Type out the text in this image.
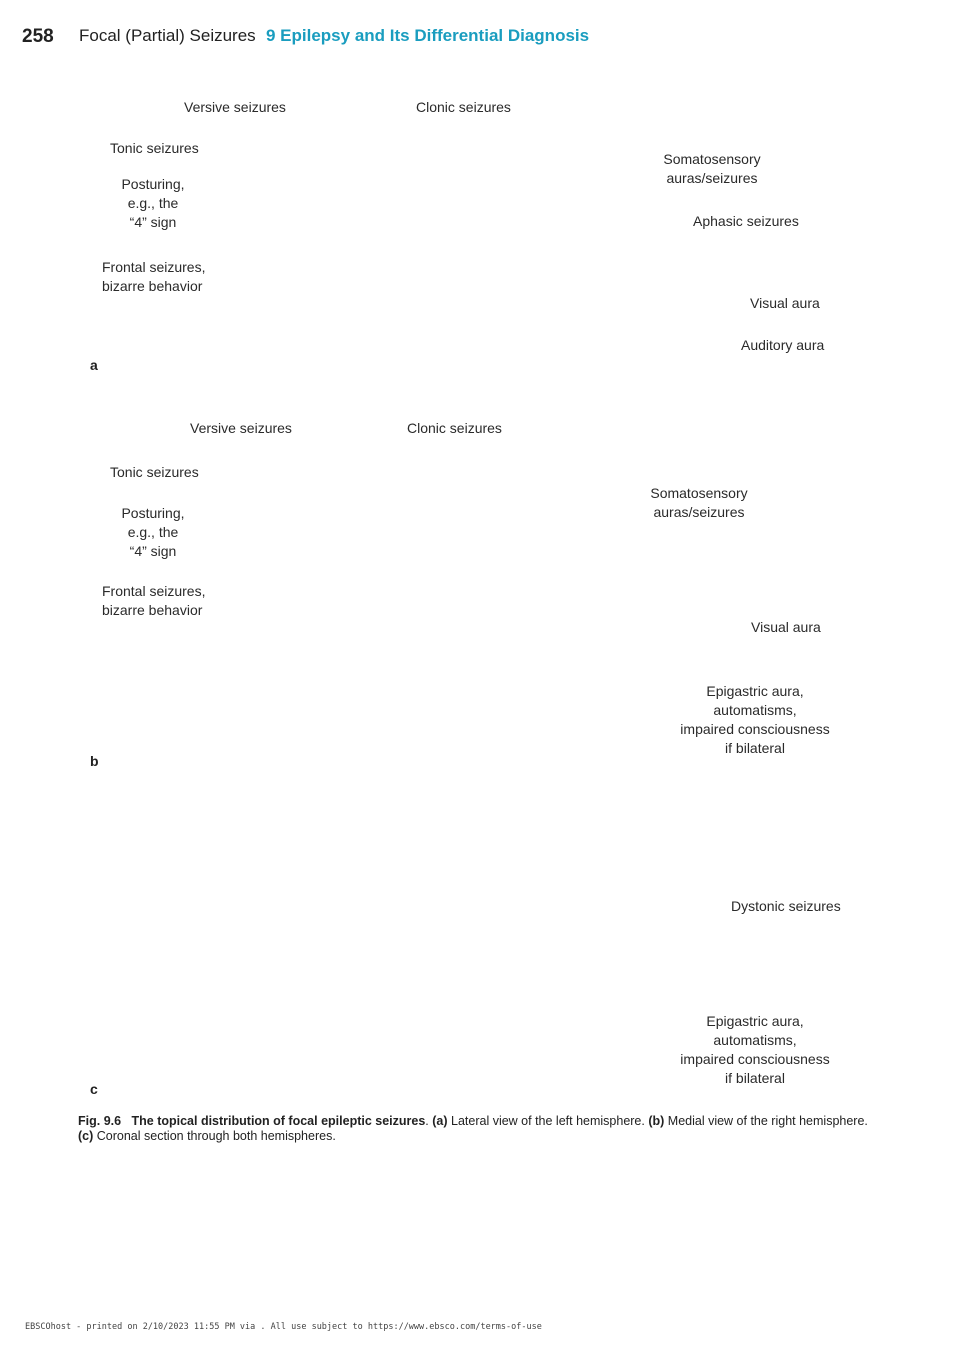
258 Focal (Partial) Seizures 9 Epilepsy and Its Differential Diagnosis
Versive seizures	Clonic seizures
Tonic seizures
Posturing,
e.g., the
“4” sign
Frontal seizures,
bizarre behavior
Somatosensory
auras/seizures
Aphasic seizures
Visual aura
Auditory aura
a
Versive seizures	Clonic seizures
Tonic seizures
Posturing,
e.g., the
“4” sign
Frontal seizures,
bizarre behavior
Somatosensory
auras/seizures
Visual aura
Epigastric aura,
automatisms,
impaired consciousness
if bilateral
b
Dystonic seizures
Epigastric aura,
automatisms,
impaired consciousness
if bilateral
c
Fig. 9.6 The topical distribution of focal epileptic seizures. (a) Lateral view of the left hemisphere. (b) Medial view of the right hemisphere. (c) Coronal section through both hemispheres.
EBSCOhost - printed on 2/10/2023 11:55 PM via . All use subject to https://www.ebsco.com/terms-of-use
